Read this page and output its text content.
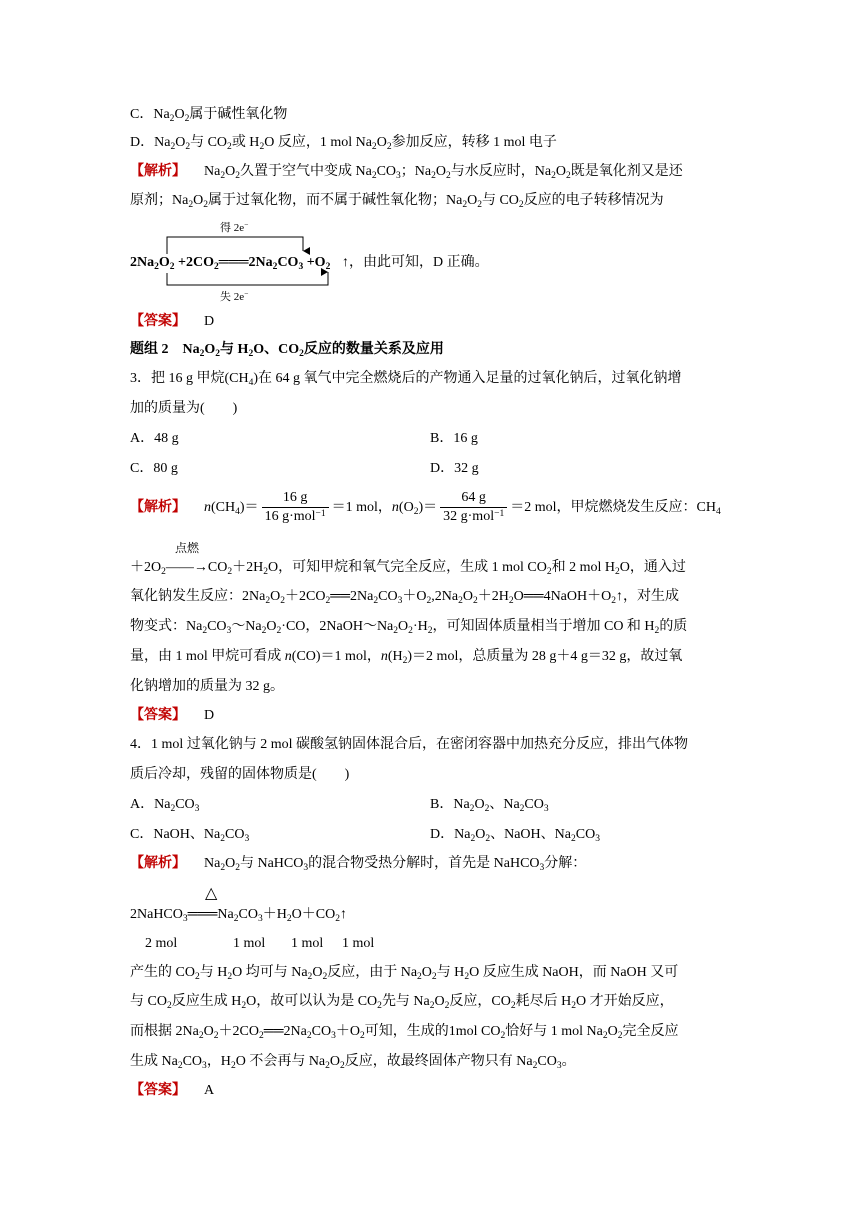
C．$Na_2O_2$属于碱性氧化物
D．$Na_2O_2$与 $CO_2$或 $H_2O$ 反应，1 mol $Na_2O_2$参加反应，转移 1 mol 电子
【解析】 $Na_2O_2$久置于空气中变成 $Na_2CO_3$；$Na_2O_2$与水反应时，$Na_2O_2$既是氧化剂又是还
原剂；$Na_2O_2$属于过氧化物，而不属于碱性氧化物；$Na_2O_2$与 $CO_2$反应的电子转移情况为
得 2e−
$2Na_2O_2$ $+2CO_2═══2Na_2CO_3 +O_2$ ↑，由此可知，D 正确。
失 2e−
【答案】 D
题组 2　$Na_2O_2$与 $H_2O$、$CO_2$反应的数量关系及应用
3．把 16 g 甲烷$(CH_4)$在 64 g 氧气中完全燃烧后的产物通入足量的过氧化钠后，过氧化钠增
加的质量为(　　)
A．48 g	B．16 g
C．80 g	D．32 g
【解析】 $n(CH_4)= \frac{16 g}{16 g\cdot mol^{-1}} =1$ mol，$n(O_2)= \frac{64 g}{32 g\cdot mol^{-1}} =2$ mol，甲烷燃烧发生反应：$CH_4$
点燃
$+2O_2——\to CO_2+2H_2O$，可知甲烷和氧气完全反应，生成 1 mol $CO_2$和 2 mol $H_2O$，通入过
氧化钠发生反应：$2Na_2O_2+2CO_2══2Na_2CO_3+O_2,2Na_2O_2+2H_2O══4NaOH+O_2↑$，对生成
物变式：$Na_2CO_3\sim Na_2O_2\cdot CO$，$2NaOH\sim Na_2O_2\cdot H_2$，可知固体质量相当于增加 CO 和 $H_2$的质
量，由 1 mol 甲烷可看成 n(CO)＝1 mol，$n(H_2)=2$ mol，总质量为 28 g＋4 g＝32 g，故过氧
化钠增加的质量为 32 g。
【答案】 D
4．1 mol 过氧化钠与 2 mol 碳酸氢钠固体混合后，在密闭容器中加热充分反应，排出气体物
质后冷却，残留的固体物质是(　　)
A．$Na_2CO_3$	B．$Na_2O_2$、$Na_2CO_3$
C．NaOH、$Na_2CO_3$	D．$Na_2O_2$、NaOH、$Na_2CO_3$
【解析】 $Na_2O_2$与 NaHCO$_3$的混合物受热分解时，首先是 NaHCO$_3$分解：
△
$2NaHCO_3═══Na_2CO_3+H_2O+CO_2↑$
2 mol	1 mol 1 mol 1 mol
产生的 $CO_2$与 $H_2O$ 均可与 $Na_2O_2$反应，由于 $Na_2O_2$与 $H_2O$ 反应生成 NaOH，而 NaOH 又可
与 $CO_2$反应生成 $H_2O$，故可以认为是 $CO_2$先与 $Na_2O_2$反应，$CO_2$耗尽后 $H_2O$ 才开始反应，
而根据 $2Na_2O_2+2CO_2══2Na_2CO_3+O_2$可知，生成的1mol $CO_2$恰好与 1 mol $Na_2O_2$完全反应
生成 $Na_2CO_3$，$H_2O$ 不会再与 $Na_2O_2$反应，故最终固体产物只有 $Na_2CO_3$。
【答案】 A
